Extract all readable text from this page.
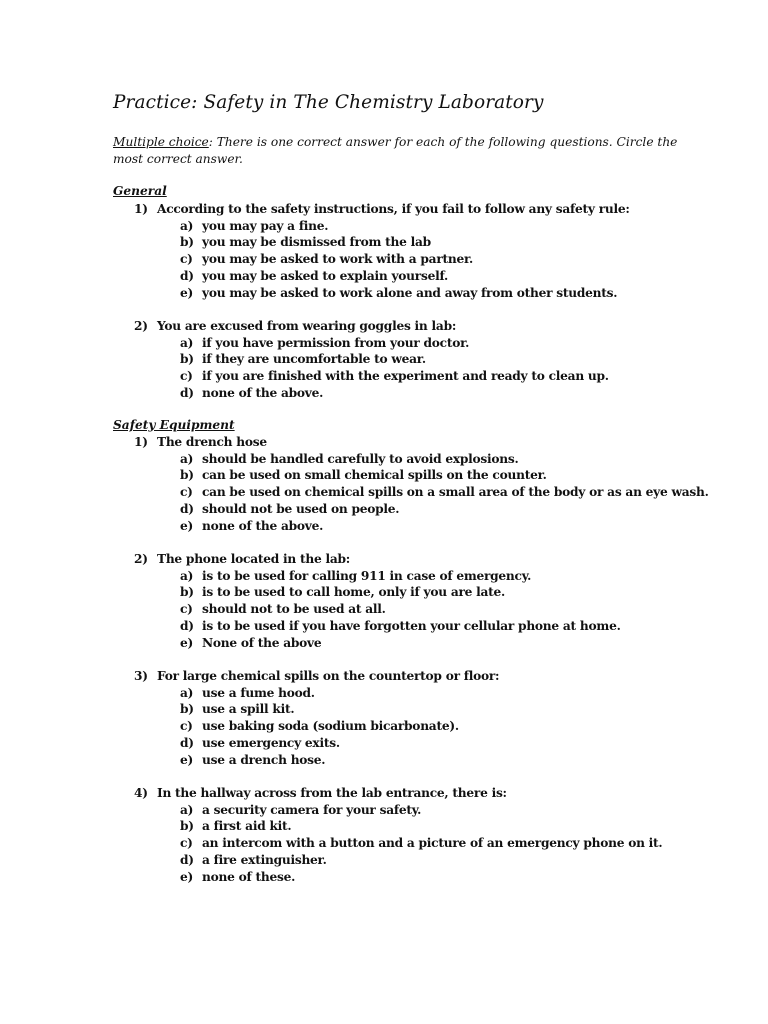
Practice: Safety in The Chemistry Laboratory
Multiple choice: There is one correct answer for each of the following questions. Circle the most correct answer.
General
1) According to the safety instructions, if you fail to follow any safety rule:
a) you may pay a fine.
b) you may be dismissed from the lab
c) you may be asked to work with a partner.
d) you may be asked to explain yourself.
e) you may be asked to work alone and away from other students.
2) You are excused from wearing goggles in lab:
a) if you have permission from your doctor.
b) if they are uncomfortable to wear.
c) if you are finished with the experiment and ready to clean up.
d) none of the above.
Safety Equipment
1) The drench hose
a) should be handled carefully to avoid explosions.
b) can be used on small chemical spills on the counter.
c) can be used on chemical spills on a small area of the body or as an eye wash.
d) should not be used on people.
e) none of the above.
2) The phone located in the lab:
a) is to be used for calling 911 in case of emergency.
b) is to be used to call home, only if you are late.
c) should not to be used at all.
d) is to be used if you have forgotten your cellular phone at home.
e) None of the above
3) For large chemical spills on the countertop or floor:
a) use a fume hood.
b) use a spill kit.
c) use baking soda (sodium bicarbonate).
d) use emergency exits.
e) use a drench hose.
4) In the hallway across from the lab entrance, there is:
a) a security camera for your safety.
b) a first aid kit.
c) an intercom with a button and a picture of an emergency phone on it.
d) a fire extinguisher.
e) none of these.
